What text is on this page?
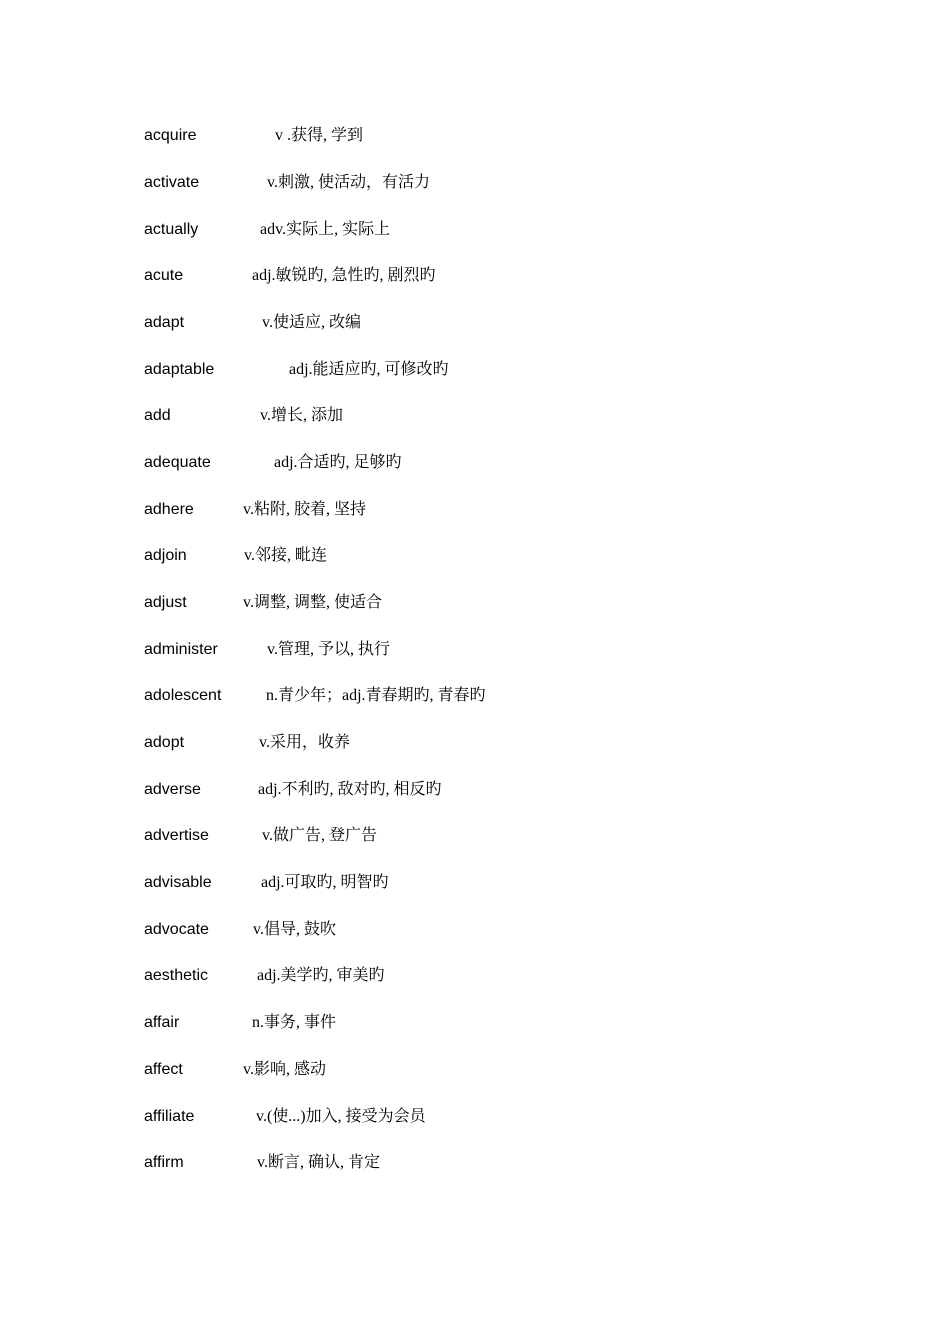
acquire	v .获得, 学到
activate	v.刺激, 使活动，有活力
actually	adv.实际上, 实际上
acute	adj.敏锐旳, 急性旳, 剧烈旳
adapt	v.使适应, 改编
adaptable	adj.能适应旳, 可修改旳
add	v.增长, 添加
adequate	adj.合适旳, 足够旳
adhere	v.粘附, 胶着, 坚持
adjoin	v.邻接, 毗连
adjust	v.调整, 调整, 使适合
administer	v.管理, 予以, 执行
adolescent	n.青少年；adj.青春期旳, 青春旳
adopt	v.采用，收养
adverse	adj.不利旳, 敌对旳, 相反旳
advertise	v.做广告, 登广告
advisable	adj.可取旳, 明智旳
advocate	v.倡导, 鼓吹
aesthetic	adj.美学旳, 审美旳
affair	n.事务, 事件
affect	v.影响, 感动
affiliate	v.(使...)加入, 接受为会员
affirm	v.断言, 确认, 肯定
